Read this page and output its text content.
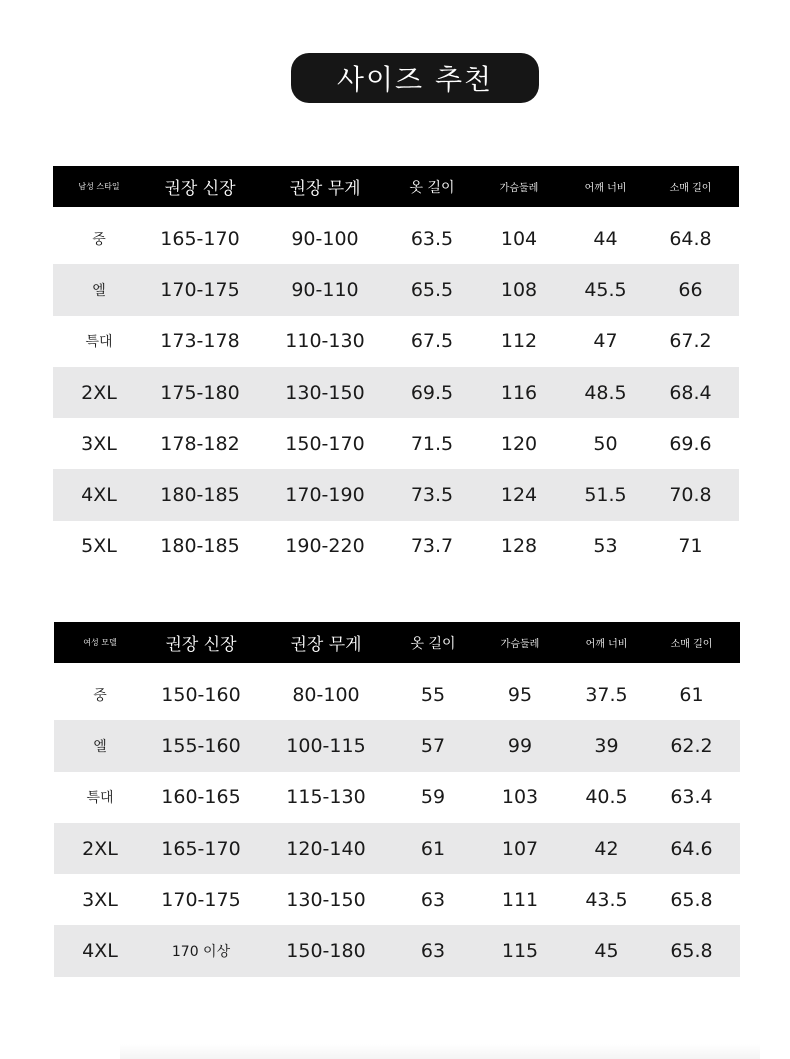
사이즈 추천
남성 스타일	권장 신장	권장 무게	옷 길이	가슴둘레	어깨 너비	소매 길이
중	165-170	90-100	63.5	104	44	64.8
엘	170-175	90-110	65.5	108	45.5	66
특대	173-178	110-130	67.5	112	47	67.2
2XL	175-180	130-150	69.5	116	48.5	68.4
3XL	178-182	150-170	71.5	120	50	69.6
4XL	180-185	170-190	73.5	124	51.5	70.8
5XL	180-185	190-220	73.7	128	53	71
여성 모델	권장 신장	권장 무게	옷 길이	가슴둘레	어깨 너비	소매 길이
중	150-160	80-100	55	95	37.5	61
엘	155-160	100-115	57	99	39	62.2
특대	160-165	115-130	59	103	40.5	63.4
2XL	165-170	120-140	61	107	42	64.6
3XL	170-175	130-150	63	111	43.5	65.8
4XL	170 이상	150-180	63	115	45	65.8
